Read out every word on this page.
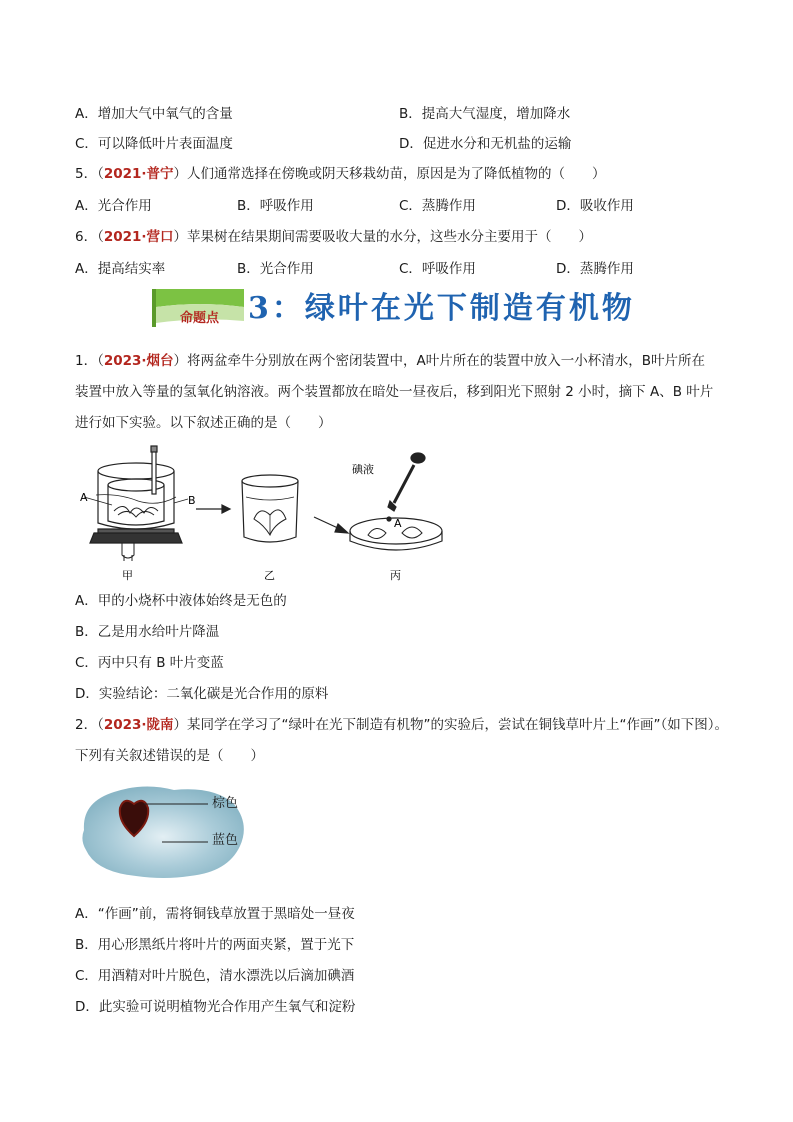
A．增加大气中氧气的含量	B．提高大气湿度，增加降水
C．可以降低叶片表面温度	D．促进水分和无机盐的运输
5．（2021·普宁）人们通常选择在傍晚或阴天移栽幼苗，原因是为了降低植物的（　　）
A．光合作用	B．呼吸作用	C．蒸腾作用	D．吸收作用
6．（2021·营口）苹果树在结果期间需要吸收大量的水分，这些水分主要用于（　　）
A．提高结实率	B．光合作用	C．呼吸作用	D．蒸腾作用
命题点 3：绿叶在光下制造有机物
1．（2023·烟台）将两盆牵牛分别放在两个密闭装置中，A叶片所在的装置中放入一小杯清水，B叶片所在
装置中放入等量的氢氧化钠溶液。两个装置都放在暗处一昼夜后，移到阳光下照射 2 小时，摘下 A、B 叶片
进行如下实验。以下叙述正确的是（　　）
A	B
甲	乙
碘液
A
丙
A．甲的小烧杯中液体始终是无色的
B．乙是用水给叶片降温
C．丙中只有 B 叶片变蓝
D．实验结论：二氧化碳是光合作用的原料
2．（2023·陇南）某同学在学习了“绿叶在光下制造有机物”的实验后，尝试在铜钱草叶片上“作画”（如下图）。
下列有关叙述错误的是（　　）
棕色
蓝色
A．“作画”前，需将铜钱草放置于黑暗处一昼夜
B．用心形黑纸片将叶片的两面夹紧，置于光下
C．用酒精对叶片脱色，清水漂洗以后滴加碘酒
D．此实验可说明植物光合作用产生氧气和淀粉
